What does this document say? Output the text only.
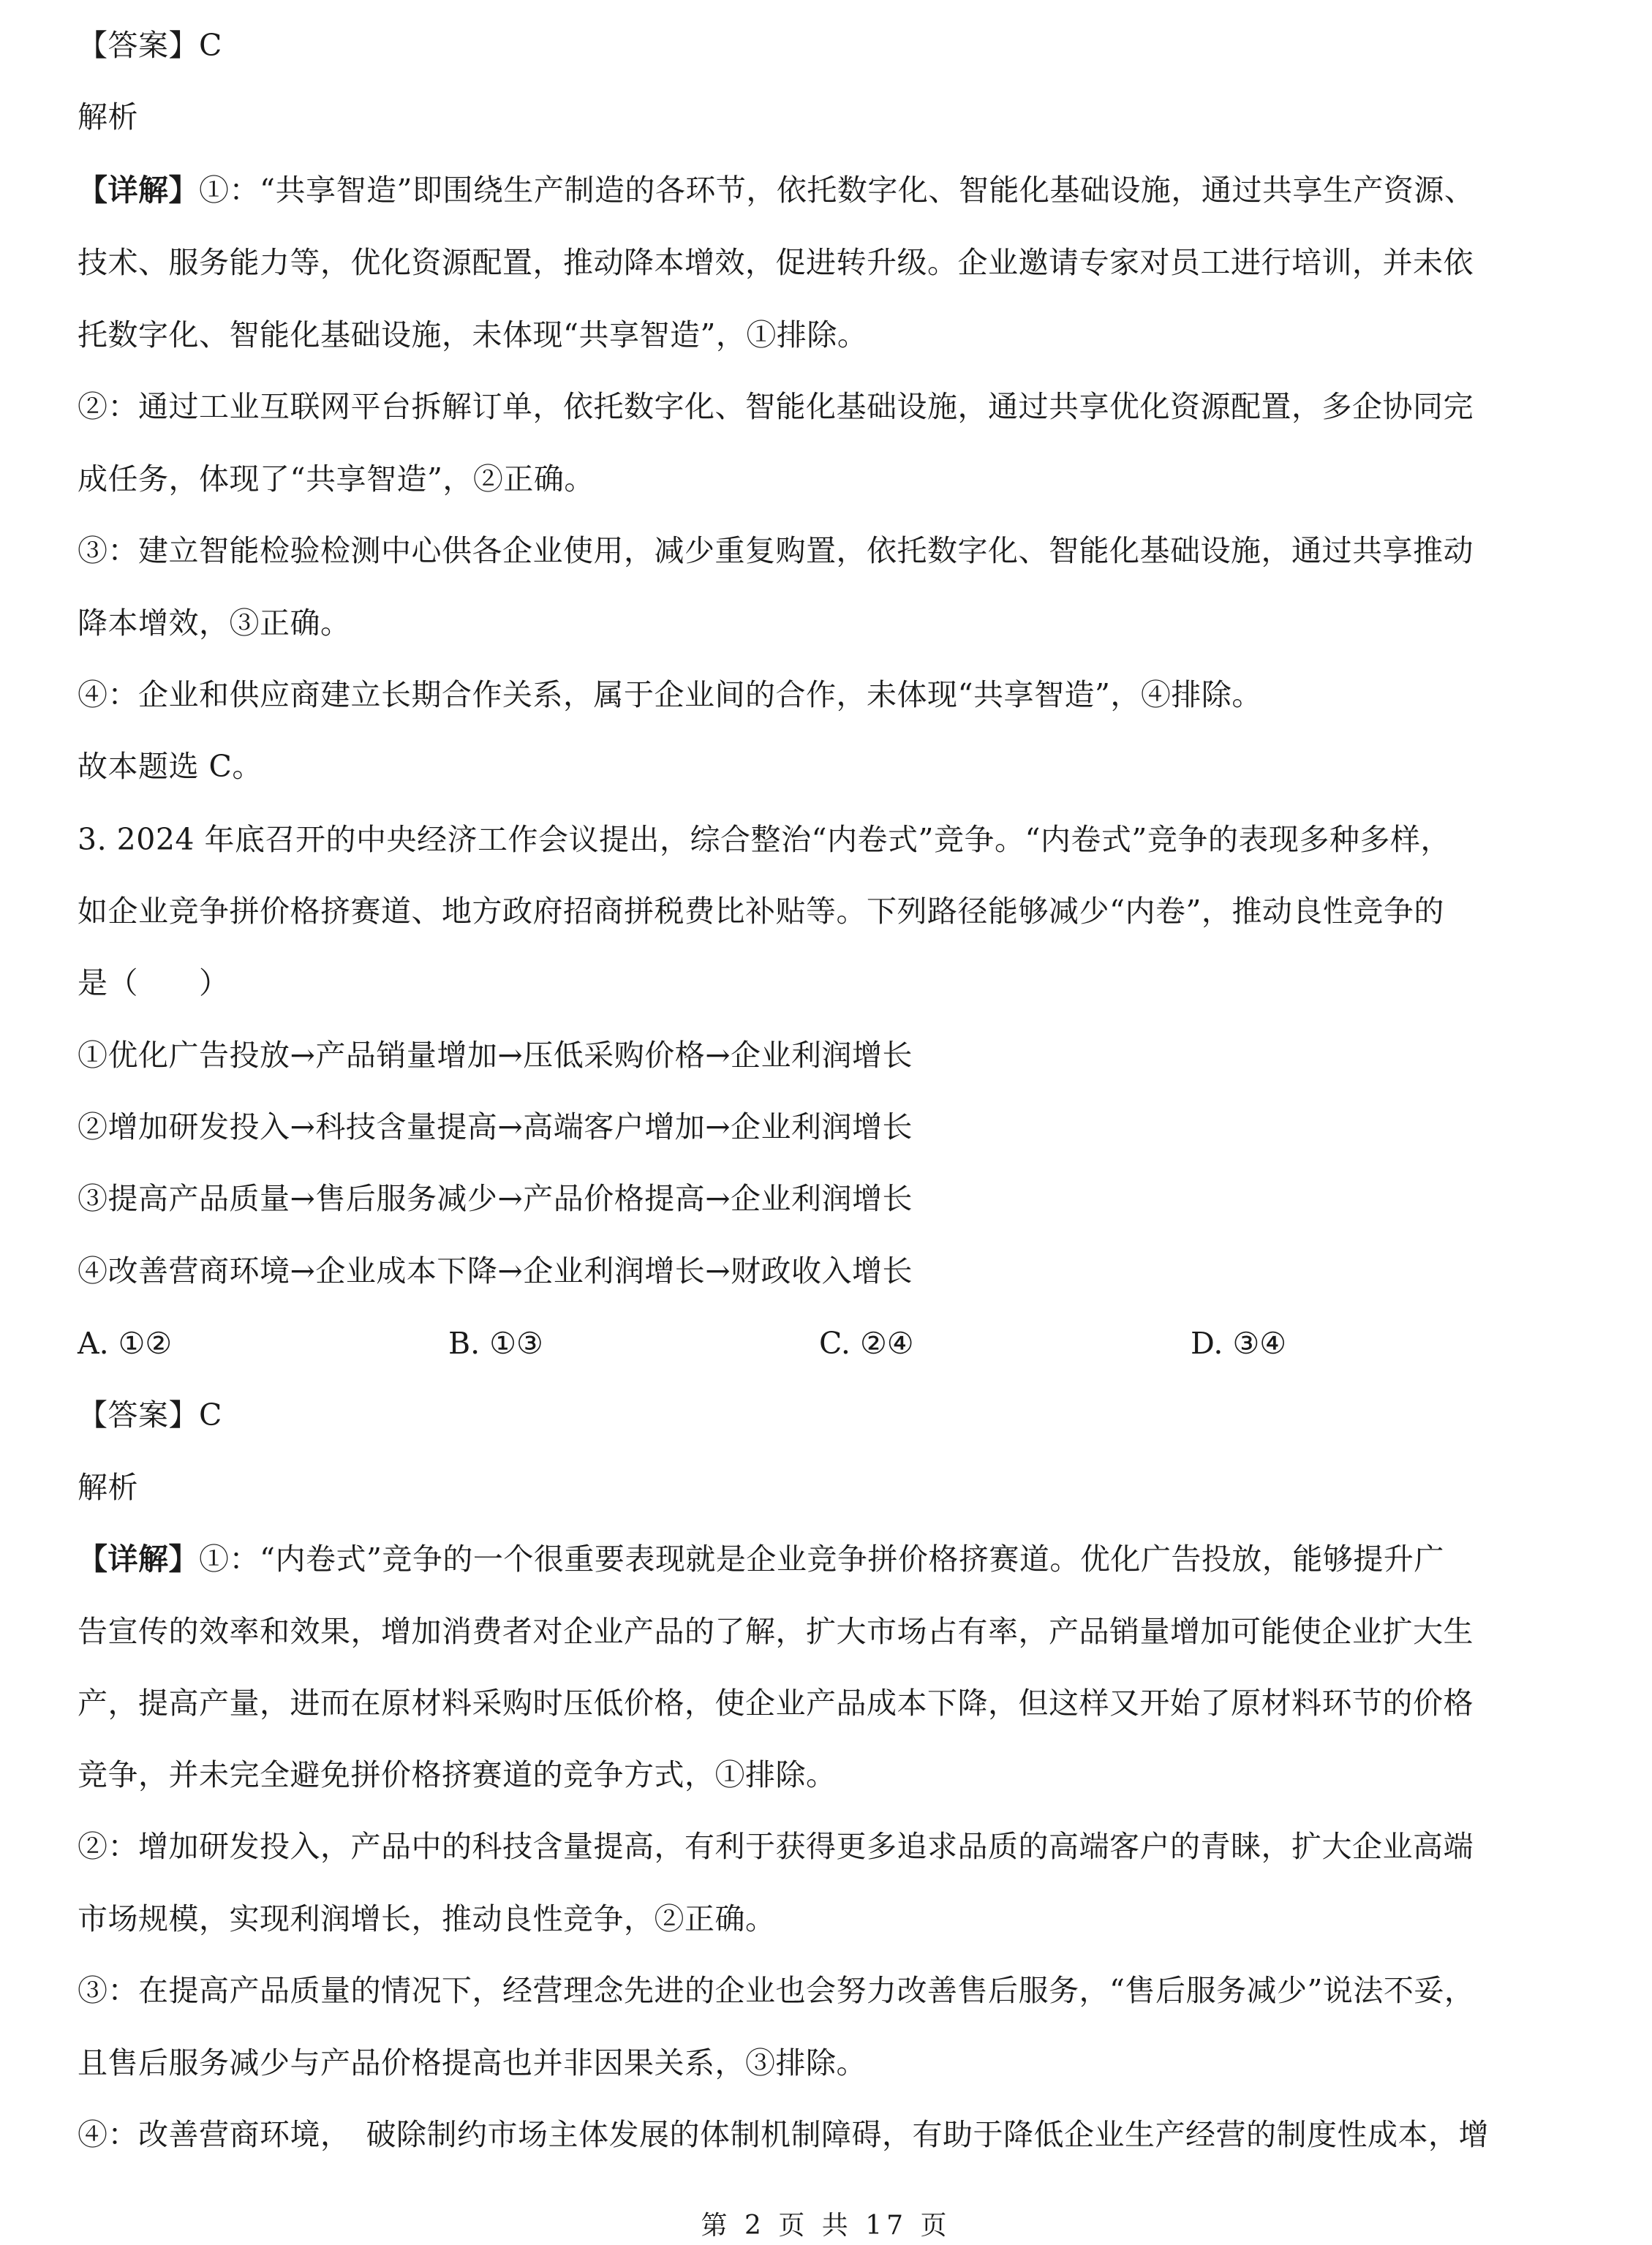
【答案】C
解析
【详解】①：“共享智造”即围绕生产制造的各环节，依托数字化、智能化基础设施，通过共享生产资源、
技术、服务能力等，优化资源配置，推动降本增效，促进转升级。企业邀请专家对员工进行培训，并未依
托数字化、智能化基础设施，未体现“共享智造”，①排除。
②：通过工业互联网平台拆解订单，依托数字化、智能化基础设施，通过共享优化资源配置，多企协同完
成任务，体现了“共享智造”，②正确。
③：建立智能检验检测中心供各企业使用，减少重复购置，依托数字化、智能化基础设施，通过共享推动
降本增效，③正确。
④：企业和供应商建立长期合作关系，属于企业间的合作，未体现“共享智造”，④排除。
故本题选 C。
3. 2024 年底召开的中央经济工作会议提出，综合整治“内卷式”竞争。“内卷式”竞争的表现多种多样，
如企业竞争拼价格挤赛道、地方政府招商拼税费比补贴等。下列路径能够减少“内卷”，推动良性竞争的
是（　　）
①优化广告投放→产品销量增加→压低采购价格→企业利润增长
②增加研发投入→科技含量提高→高端客户增加→企业利润增长
③提高产品质量→售后服务减少→产品价格提高→企业利润增长
④改善营商环境→企业成本下降→企业利润增长→财政收入增长
A. ①②	B. ①③	C. ②④	D. ③④
【答案】C
解析
【详解】①：“内卷式”竞争的一个很重要表现就是企业竞争拼价格挤赛道。优化广告投放，能够提升广
告宣传的效率和效果，增加消费者对企业产品的了解，扩大市场占有率，产品销量增加可能使企业扩大生
产，提高产量，进而在原材料采购时压低价格，使企业产品成本下降，但这样又开始了原材料环节的价格
竞争，并未完全避免拼价格挤赛道的竞争方式，①排除。
②：增加研发投入，产品中的科技含量提高，有利于获得更多追求品质的高端客户的青睐，扩大企业高端
市场规模，实现利润增长，推动良性竞争，②正确。
③：在提高产品质量的情况下，经营理念先进的企业也会努力改善售后服务，“售后服务减少”说法不妥，
且售后服务减少与产品价格提高也并非因果关系，③排除。
④：改善营商环境，　破除制约市场主体发展的体制机制障碍，有助于降低企业生产经营的制度性成本，增
第 2 页 共 17 页
